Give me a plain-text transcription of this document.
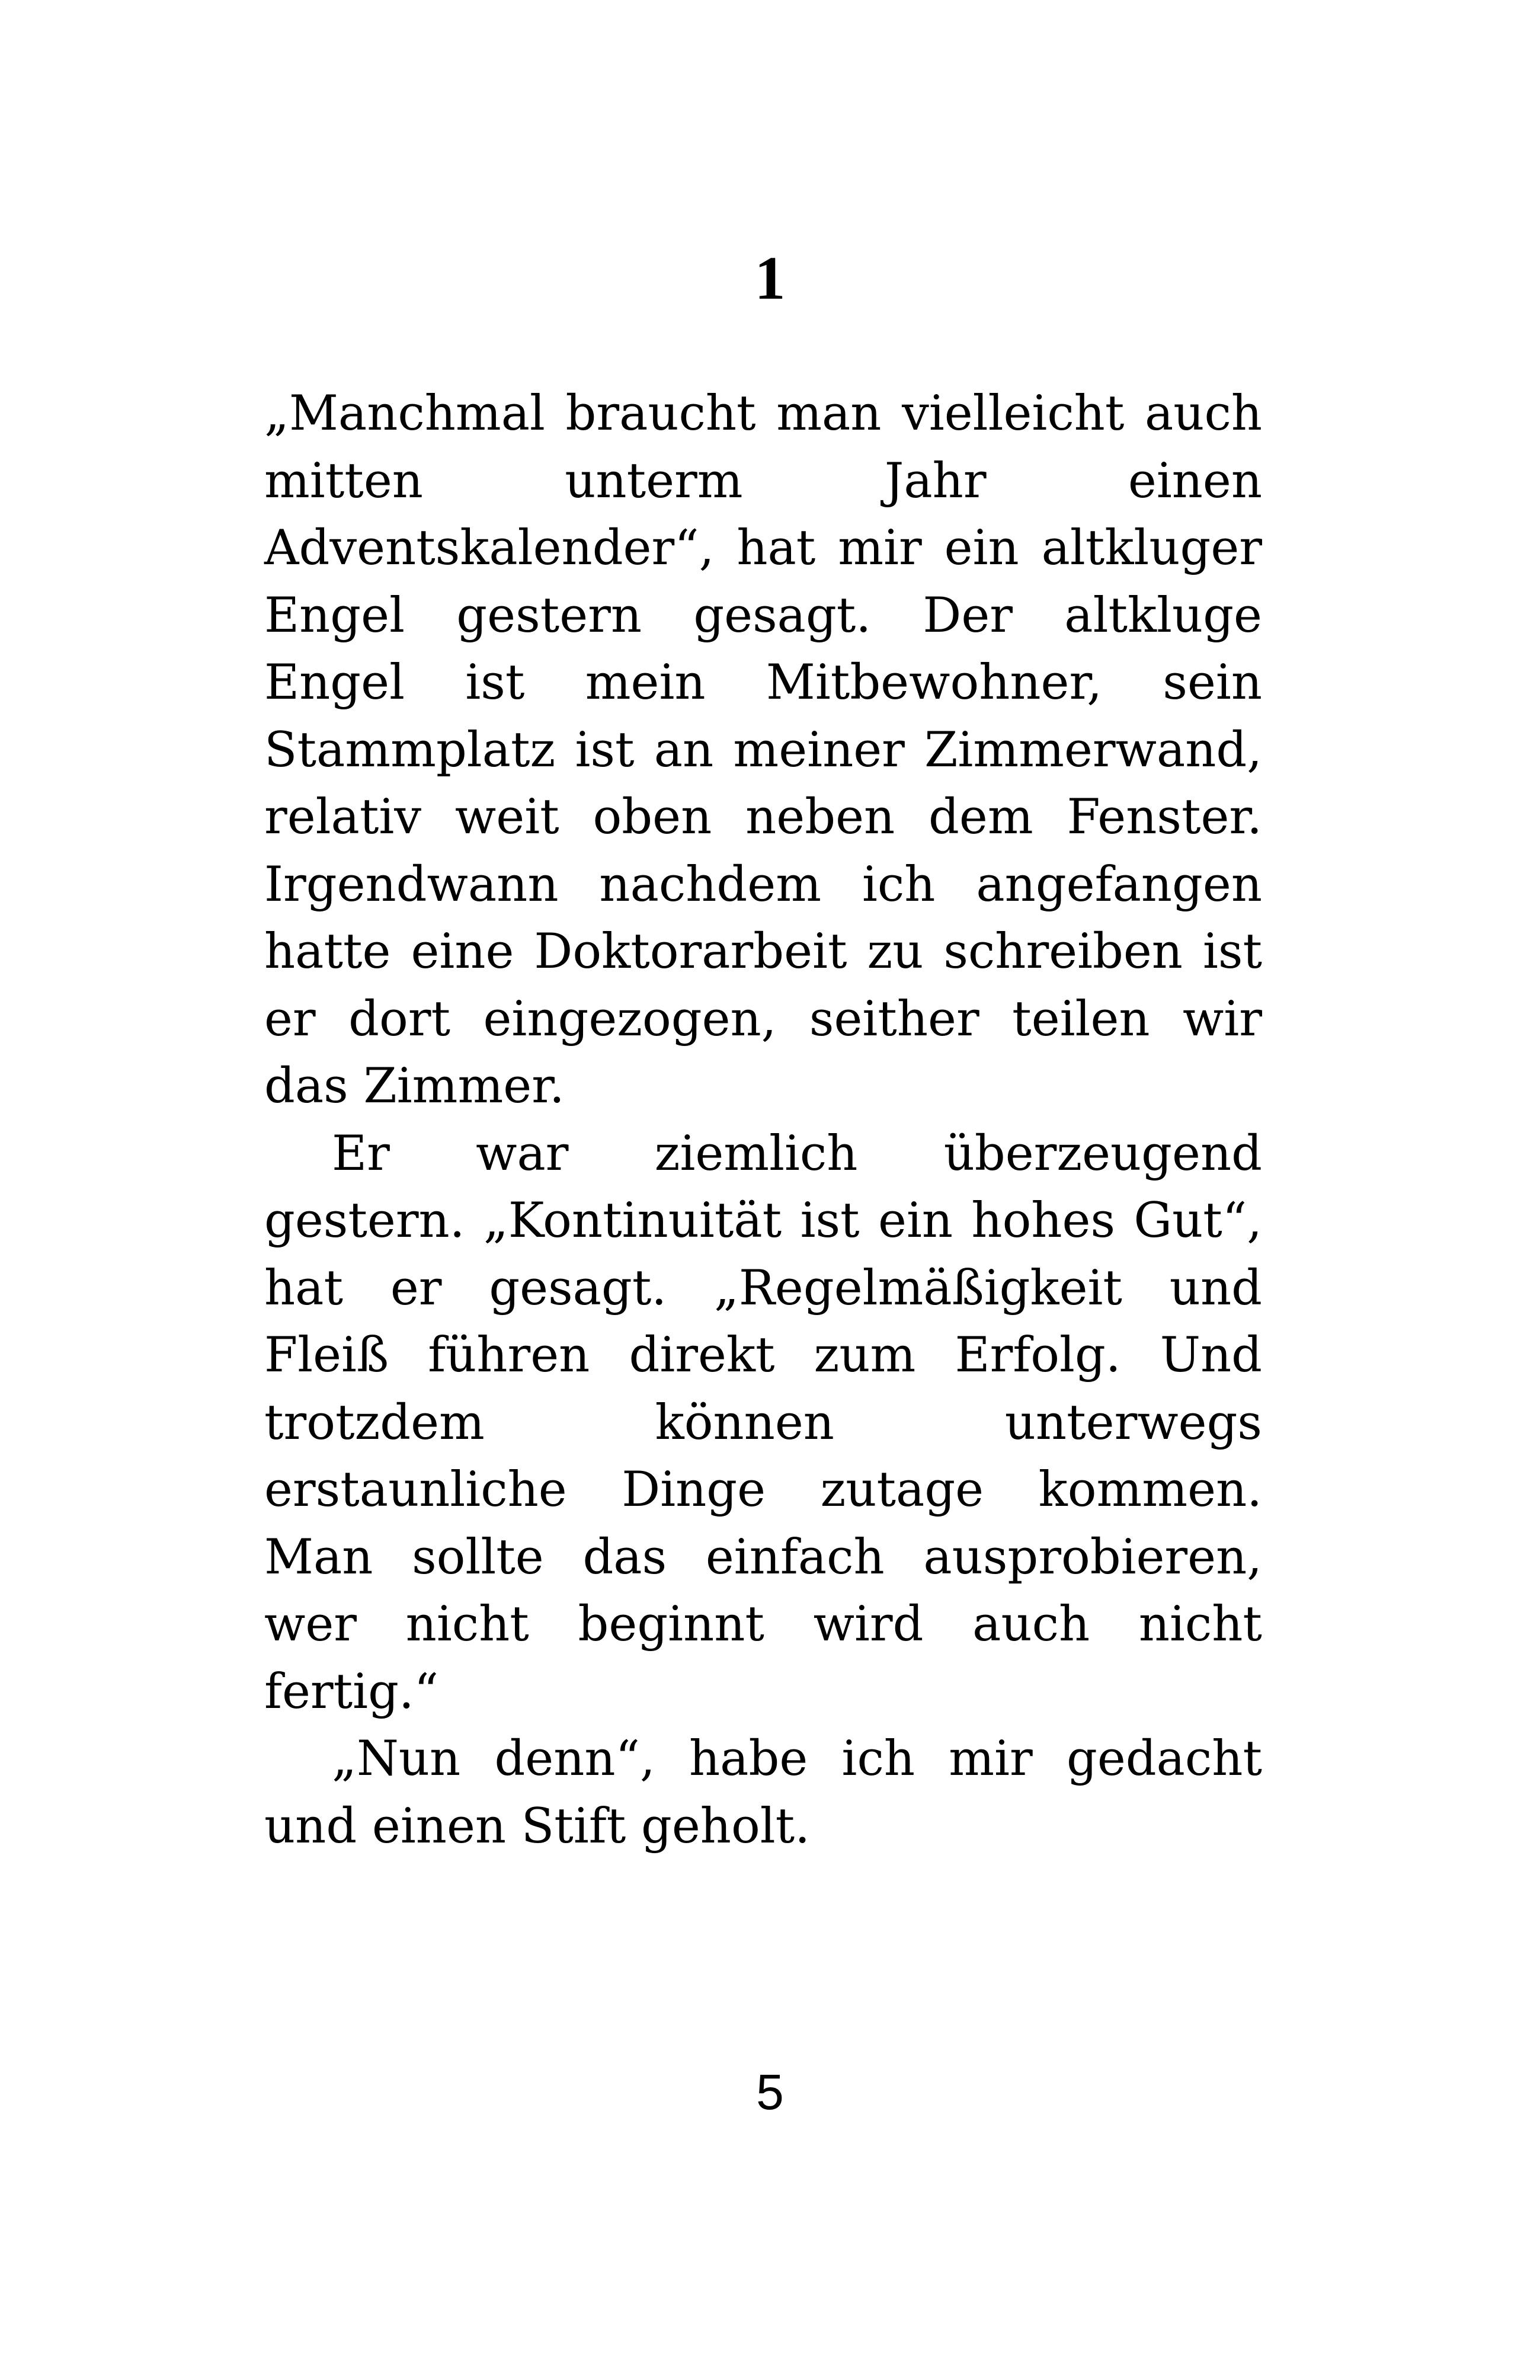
1

„Manchmal braucht man vielleicht auch mitten unterm Jahr einen Adventskalender“, hat mir ein altkluger Engel gestern gesagt. Der altkluge Engel ist mein Mitbewohner, sein Stammplatz ist an meiner Zimmerwand, relativ weit oben neben dem Fenster. Irgendwann nachdem ich angefangen hatte eine Doktorarbeit zu schreiben ist er dort eingezogen, seither teilen wir das Zimmer.

Er war ziemlich überzeugend gestern. „Kontinuität ist ein hohes Gut“, hat er gesagt. „Regelmäßigkeit und Fleiß führen direkt zum Erfolg. Und trotzdem können unterwegs erstaunliche Dinge zutage kommen. Man sollte das einfach ausprobieren, wer nicht beginnt wird auch nicht fertig.“

„Nun denn“, habe ich mir gedacht und einen Stift geholt.

5
